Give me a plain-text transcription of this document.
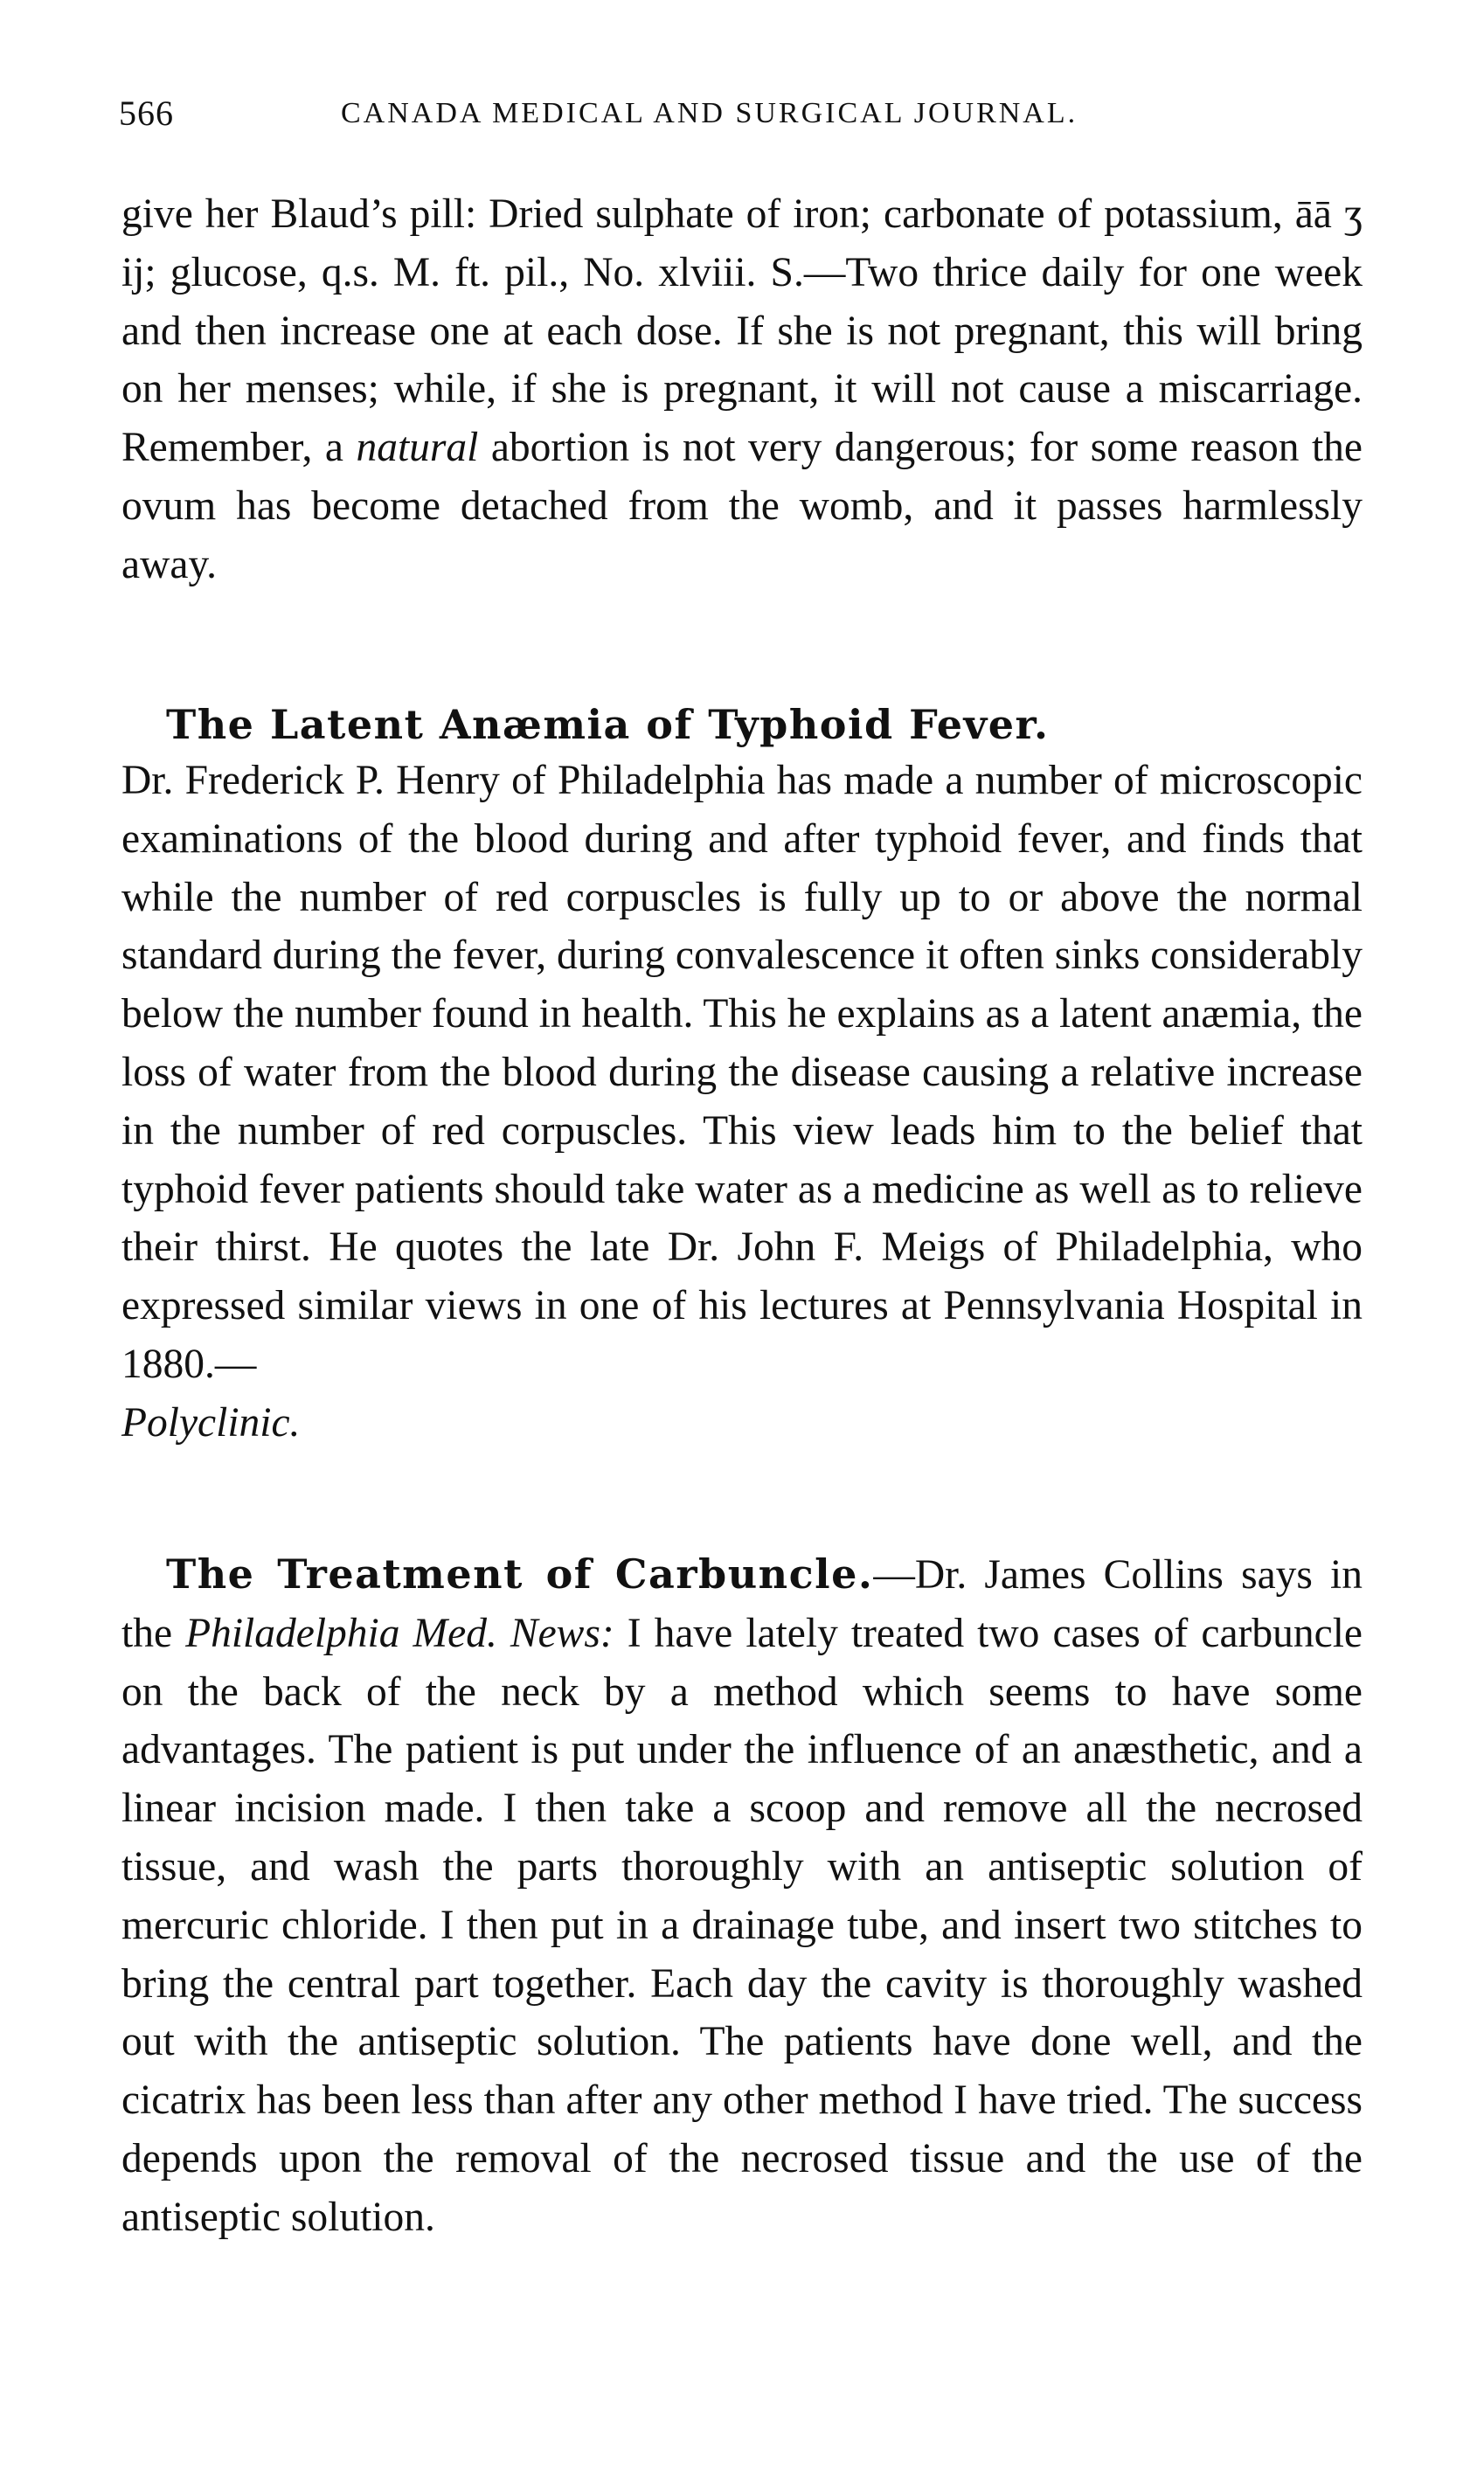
566	CANADA MEDICAL AND SURGICAL JOURNAL.

give her Blaud’s pill: Dried sulphate of iron; carbonate of potassium, āā ʒ ij; glucose, q.s. M. ft. pil., No. xlviii. S.—Two thrice daily for one week and then increase one at each dose. If she is not pregnant, this will bring on her menses; while, if she is pregnant, it will not cause a miscarriage. Remember, a natural abortion is not very dangerous; for some reason the ovum has become detached from the womb, and it passes harmlessly away.

The Latent Anæmia of Typhoid Fever.

Dr. Frederick P. Henry of Philadelphia has made a number of microscopic examinations of the blood during and after typhoid fever, and finds that while the number of red corpuscles is fully up to or above the normal standard during the fever, during convalescence it often sinks considerably below the number found in health. This he explains as a latent anæmia, the loss of water from the blood during the disease causing a relative increase in the number of red corpuscles. This view leads him to the belief that typhoid fever patients should take water as a medicine as well as to relieve their thirst. He quotes the late Dr. John F. Meigs of Philadelphia, who expressed similar views in one of his lectures at Pennsylvania Hospital in 1880.—
Polyclinic.

The Treatment of Carbuncle.—Dr. James Collins says in the Philadelphia Med. News: I have lately treated two cases of carbuncle on the back of the neck by a method which seems to have some advantages. The patient is put under the influence of an anæsthetic, and a linear incision made. I then take a scoop and remove all the necrosed tissue, and wash the parts thoroughly with an antiseptic solution of mercuric chloride. I then put in a drainage tube, and insert two stitches to bring the central part together. Each day the cavity is thoroughly washed out with the antiseptic solution. The patients have done well, and the cicatrix has been less than after any other method I have tried. The success depends upon the removal of the necrosed tissue and the use of the antiseptic solution.
